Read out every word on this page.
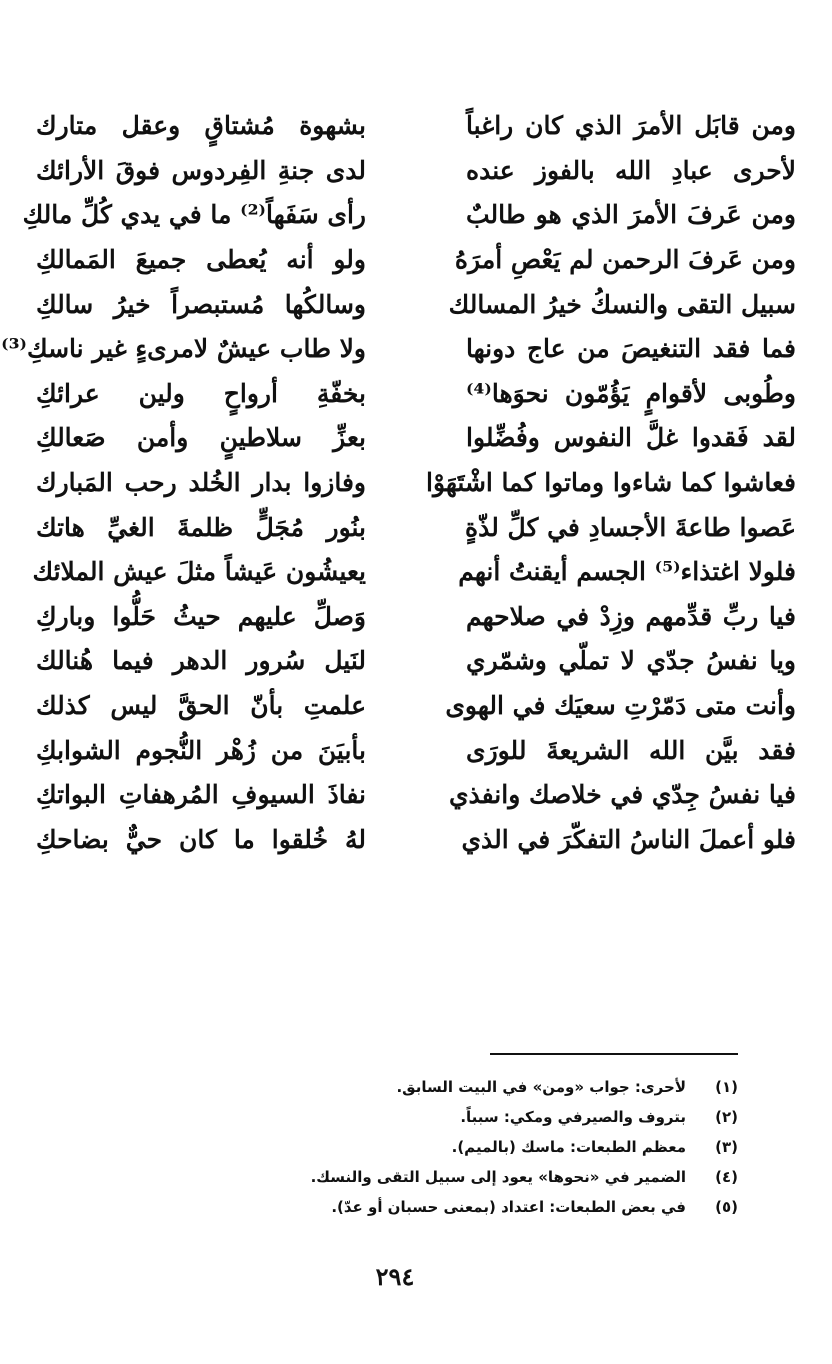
ومن قابَل الأمرَ الذي كان راغباً
بشهوة مُشتاقٍ وعقل متارك
لأحرى عبادِ الله بالفوز عنده
لدى جنةِ الفِردوس فوقَ الأرائك
ومن عَرفَ الأمرَ الذي هو طالبٌ
رأى سَفَهاً⁽²⁾ ما في يدي كُلِّ مالكِ
ومن عَرفَ الرحمن لم يَعْصِ أمرَهُ
ولو أنه يُعطى جميعَ المَمالكِ
سبيل التقى والنسكُ خيرُ المسالك
وسالكُها مُستبصراً خيرُ سالكِ
فما فقد التنغيصَ من عاج دونها
ولا طاب عيشٌ لامرىءٍ غير ناسكِ⁽³⁾
وطُوبى لأقوامٍ يَؤُمّون نحوَها⁽⁴⁾
بخفّةِ أرواحٍ ولين عرائكِ
لقد فَقدوا غلَّ النفوس وفُضِّلوا
بعزِّ سلاطينٍ وأمن صَعالكِ
فعاشوا كما شاءوا وماتوا كما اشْتَهَوْا
وفازوا بدار الخُلد رحب المَبارك
عَصوا طاعةَ الأجسادِ في كلِّ لذّةٍ
بنُور مُجَلٍّ ظلمةَ الغيِّ هاتك
فلولا اغتذاء⁽⁵⁾ الجسم أيقنتُ أنهم
يعيشُون عَيشاً مثلَ عيش الملائك
فيا ربِّ قدِّمهم وزِدْ في صلاحهم
وَصلِّ عليهم حيثُ حَلُّوا وباركِ
ويا نفسُ جدّي لا تملّي وشمّري
لنَيل سُرور الدهر فيما هُنالك
وأنت متى دَمّرْتِ سعيَك في الهوى
علمتِ بأنّ الحقَّ ليس كذلك
فقد بيَّن الله الشريعةَ للورَى
بأبيَنَ من زُهْر النُّجوم الشوابكِ
فيا نفسُ جِدّي في خلاصك وانفذي
نفاذَ السيوفِ المُرهفاتِ البواتكِ
فلو أعملَ الناسُ التفكّرَ في الذي
لهُ خُلقوا ما كان حيٌّ بضاحكِ
(١)
لأحرى: جواب «ومن» في البيت السابق.
(٢)
بتروف والصيرفي ومكي: سبباً.
(٣)
معظم الطبعات: ماسك (بالميم).
(٤)
الضمير في «نحوها» يعود إلى سبيل التقى والنسك.
(٥)
في بعض الطبعات: اعتداد (بمعنى حسبان أو عدّ).
٢٩٤
